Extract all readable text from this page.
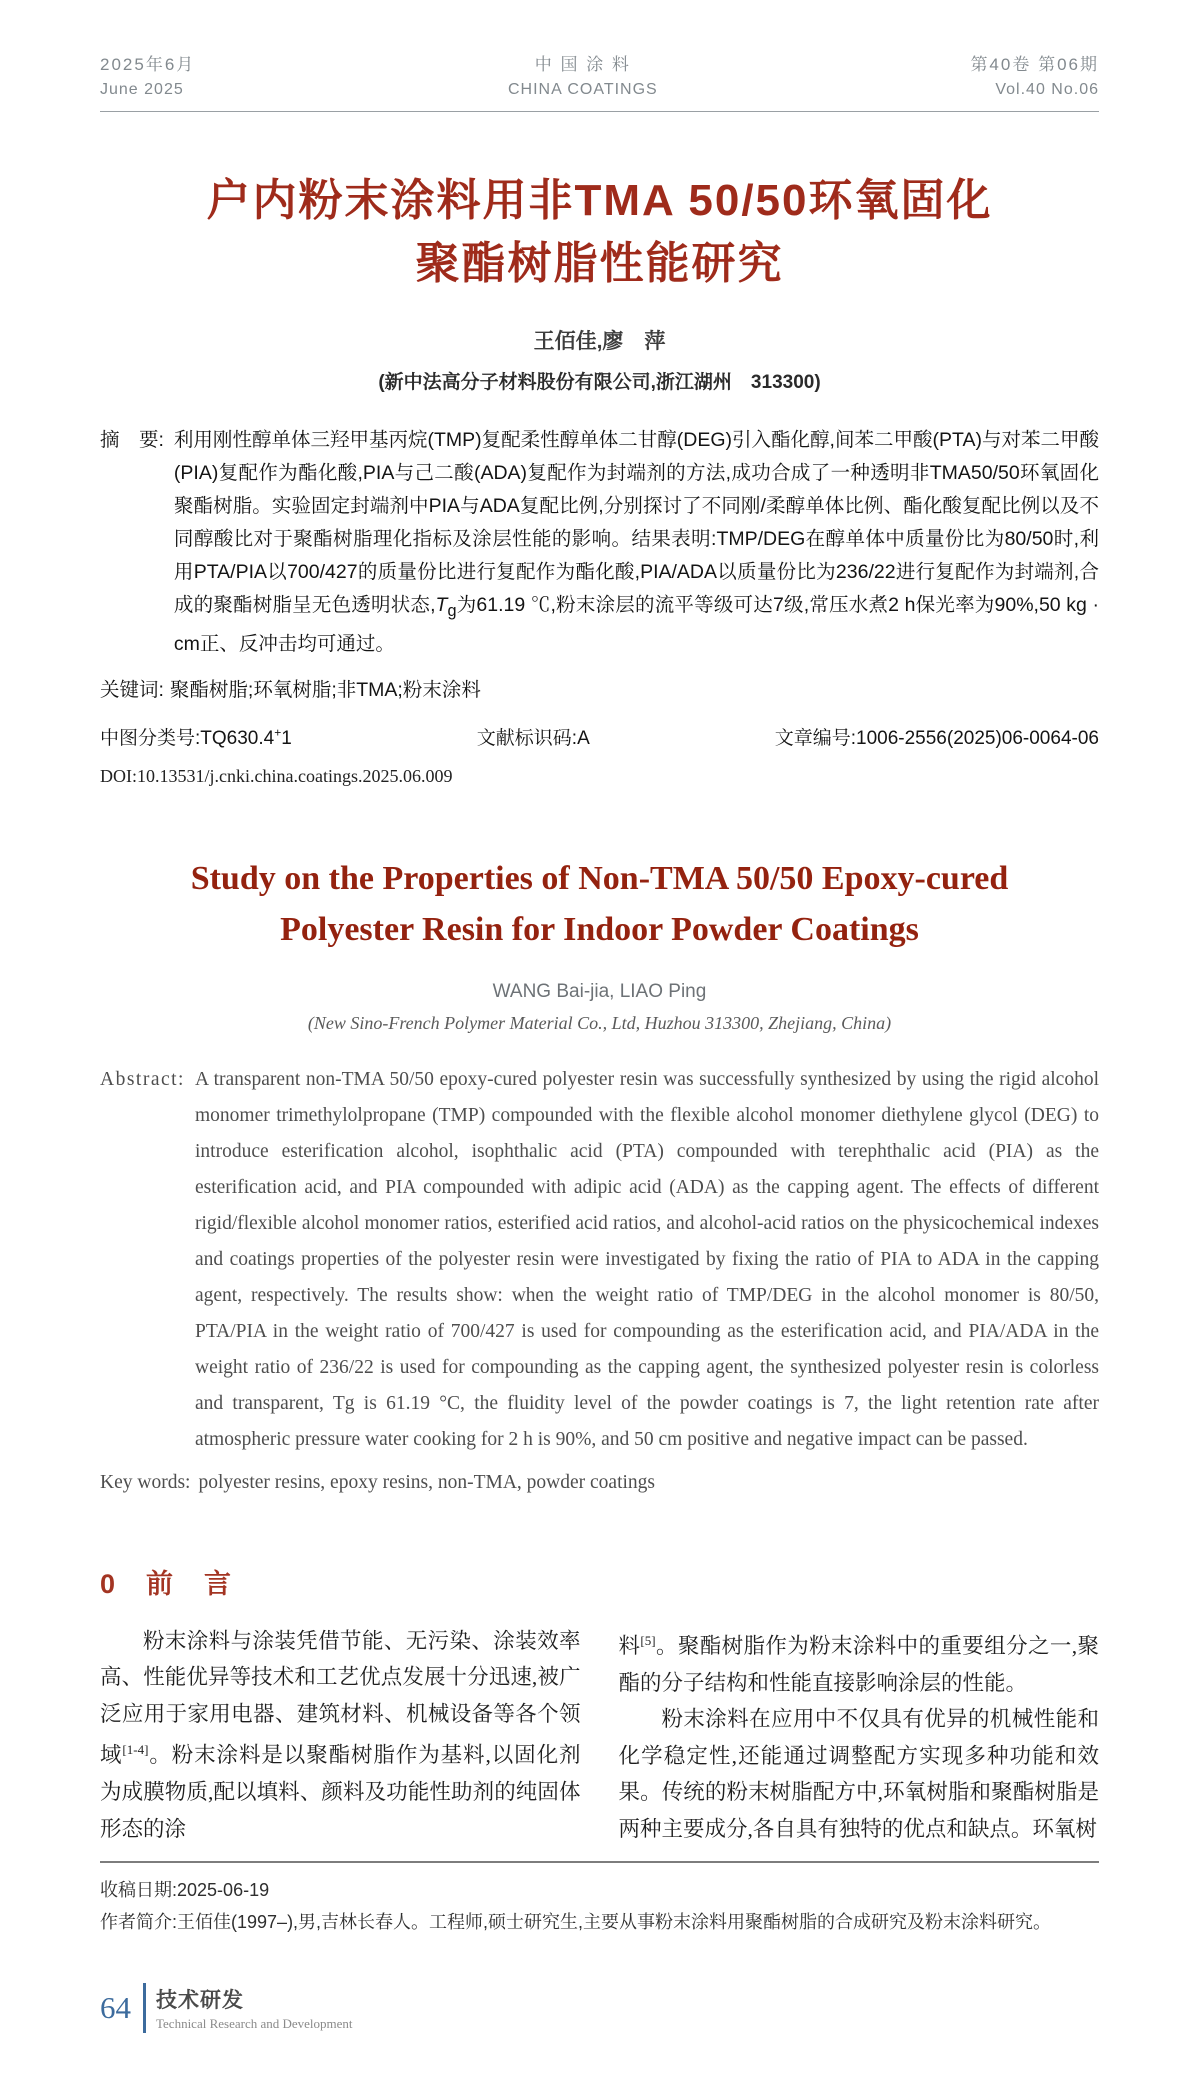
2025年6月
June 2025
中 国 涂 料
CHINA COATINGS
第40卷 第06期
Vol.40 No.06
户内粉末涂料用非TMA 50/50环氧固化
聚酯树脂性能研究
王佰佳,廖　萍
(新中法高分子材料股份有限公司,浙江湖州　313300)
摘　要: 利用刚性醇单体三羟甲基丙烷(TMP)复配柔性醇单体二甘醇(DEG)引入酯化醇,间苯二甲酸(PTA)与对苯二甲酸(PIA)复配作为酯化酸,PIA与己二酸(ADA)复配作为封端剂的方法,成功合成了一种透明非TMA50/50环氧固化聚酯树脂。实验固定封端剂中PIA与ADA复配比例,分别探讨了不同刚/柔醇单体比例、酯化酸复配比例以及不同醇酸比对于聚酯树脂理化指标及涂层性能的影响。结果表明:TMP/DEG在醇单体中质量份比为80/50时,利用PTA/PIA以700/427的质量份比进行复配作为酯化酸,PIA/ADA以质量份比为236/22进行复配作为封端剂,合成的聚酯树脂呈无色透明状态$,T_g$为61.19 ℃,粉末涂层的流平等级可达7级,常压水煮2 h保光率为90%,50 kg · cm正、反冲击均可通过。
关键词: 聚酯树脂;环氧树脂;非TMA;粉末涂料
中图分类号:TQ630.4+1	文献标识码:A	文章编号:1006-2556(2025)06-0064-06
DOI:10.13531/j.cnki.china.coatings.2025.06.009
Study on the Properties of Non-TMA 50/50 Epoxy-cured
Polyester Resin for Indoor Powder Coatings
WANG Bai-jia, LIAO Ping
(New Sino-French Polymer Material Co., Ltd, Huzhou 313300, Zhejiang, China)
Abstract: A transparent non-TMA 50/50 epoxy-cured polyester resin was successfully synthesized by using the rigid alcohol monomer trimethylolpropane (TMP) compounded with the flexible alcohol monomer diethylene glycol (DEG) to introduce esterification alcohol, isophthalic acid (PTA) compounded with terephthalic acid (PIA) as the esterification acid, and PIA compounded with adipic acid (ADA) as the capping agent. The effects of different rigid/flexible alcohol monomer ratios, esterified acid ratios, and alcohol-acid ratios on the physicochemical indexes and coatings properties of the polyester resin were investigated by fixing the ratio of PIA to ADA in the capping agent, respectively. The results show: when the weight ratio of TMP/DEG in the alcohol monomer is 80/50, PTA/PIA in the weight ratio of 700/427 is used for compounding as the esterification acid, and PIA/ADA in the weight ratio of 236/22 is used for compounding as the capping agent, the synthesized polyester resin is colorless and transparent, Tg is 61.19 °C, the fluidity level of the powder coatings is 7, the light retention rate after atmospheric pressure water cooking for 2 h is 90%, and 50 cm positive and negative impact can be passed.
Key words: polyester resins, epoxy resins, non-TMA, powder coatings
0　前　言

粉末涂料与涂装凭借节能、无污染、涂装效率高、性能优异等技术和工艺优点发展十分迅速,被广泛应用于家用电器、建筑材料、机械设备等各个领域[1-4]。粉末涂料是以聚酯树脂作为基料,以固化剂为成膜物质,配以填料、颜料及功能性助剂的纯固体形态的涂

料[5]。聚酯树脂作为粉末涂料中的重要组分之一,聚酯的分子结构和性能直接影响涂层的性能。

粉末涂料在应用中不仅具有优异的机械性能和化学稳定性,还能通过调整配方实现多种功能和效果。传统的粉末树脂配方中,环氧树脂和聚酯树脂是两种主要成分,各自具有独特的优点和缺点。环氧树

收稿日期:2025-06-19
作者简介:王佰佳(1997–),男,吉林长春人。工程师,硕士研究生,主要从事粉末涂料用聚酯树脂的合成研究及粉末涂料研究。
64 技术研发
Technical Research and Development
